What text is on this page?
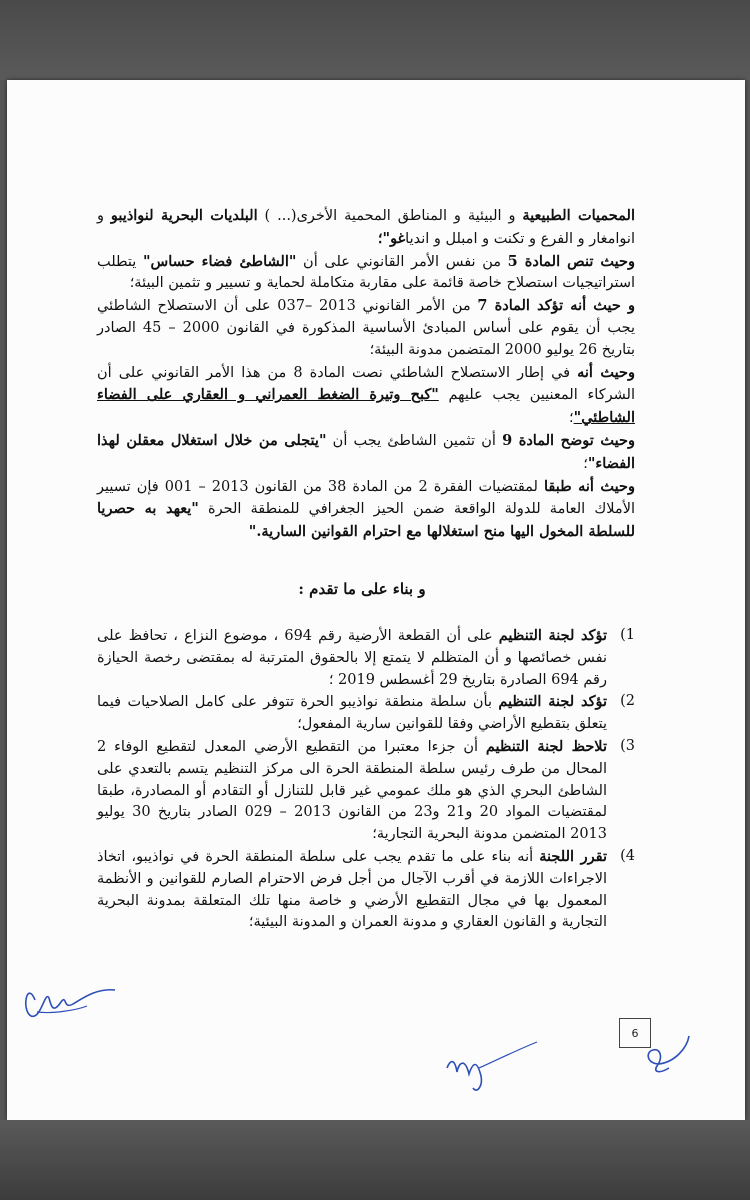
المحميات الطبيعية و البيئية و المناطق المحمية الأخرى(... ) البلديات البحرية لنواذيبو و انوامغار و الفرع و تكنت و امبلل و اندياغو"؛

وحيث تنص المادة 5 من نفس الأمر القانوني على أن "الشاطئ فضاء حساس" يتطلب استراتيجيات استصلاح خاصة قائمة على مقاربة متكاملة لحماية و تسيير و تثمين البيئة؛

و حيث أنه تؤكد المادة 7 من الأمر القانوني 2013 –037 على أن الاستصلاح الشاطئي يجب أن يقوم على أساس المبادئ الأساسية المذكورة في القانون 2000 – 45 الصادر بتاريخ 26 يوليو 2000 المتضمن مدونة البيئة؛

وحيث أنه في إطار الاستصلاح الشاطئي نصت المادة 8 من هذا الأمر القانوني على أن الشركاء المعنيين يجب عليهم "كبح وتيرة الضغط العمراني و العقاري على الفضاء الشاطئي"؛

وحيث توضح المادة 9 أن تثمين الشاطئ يجب أن "يتجلى من خلال استغلال معقلن لهذا الفضاء"؛

وحيث أنه طبقا لمقتضيات الفقرة 2 من المادة 38 من القانون 2013 – 001 فإن تسيير الأملاك العامة للدولة الواقعة ضمن الحيز الجغرافي للمنطقة الحرة "يعهد به حصريا للسلطة المخول اليها منح استغلالها مع احترام القوانين السارية."

و بناء على ما تقدم :

1)
تؤكد لجنة التنظيم على أن القطعة الأرضية رقم 694 ، موضوع النزاع ، تحافظ على نفس خصائصها و أن المتظلم لا يتمتع إلا بالحقوق المترتبة له بمقتضى رخصة الحيازة رقم 694 الصادرة بتاريخ 29 أغسطس 2019 ؛
2)
تؤكد لجنة التنظيم بأن سلطة منطقة نواذيبو الحرة تتوفر على كامل الصلاحيات فيما يتعلق بتقطيع الأراضي وفقا للقوانين سارية المفعول؛
3)
تلاحظ لجنة التنظيم أن جزءا معتبرا من التقطيع الأرضي المعدل لتقطيع الوفاء 2 المحال من طرف رئيس سلطة المنطقة الحرة الى مركز التنظيم يتسم بالتعدي على الشاطئ البحري الذي هو ملك عمومي غير قابل للتنازل أو التقادم أو المصادرة، طبقا لمقتضيات المواد 20 و21 و23 من القانون 2013 – 029 الصادر بتاريخ 30 يوليو 2013 المتضمن مدونة البحرية التجارية؛
4)
تقرر اللجنة أنه بناء على ما تقدم يجب على سلطة المنطقة الحرة في نواذيبو، اتخاذ الاجراءات اللازمة في أقرب الآجال من أجل فرض الاحترام الصارم للقوانين و الأنظمة المعمول بها في مجال التقطيع الأرضي و خاصة منها تلك المتعلقة بمدونة البحرية التجارية و القانون العقاري و مدونة العمران و المدونة البيئية؛
6
